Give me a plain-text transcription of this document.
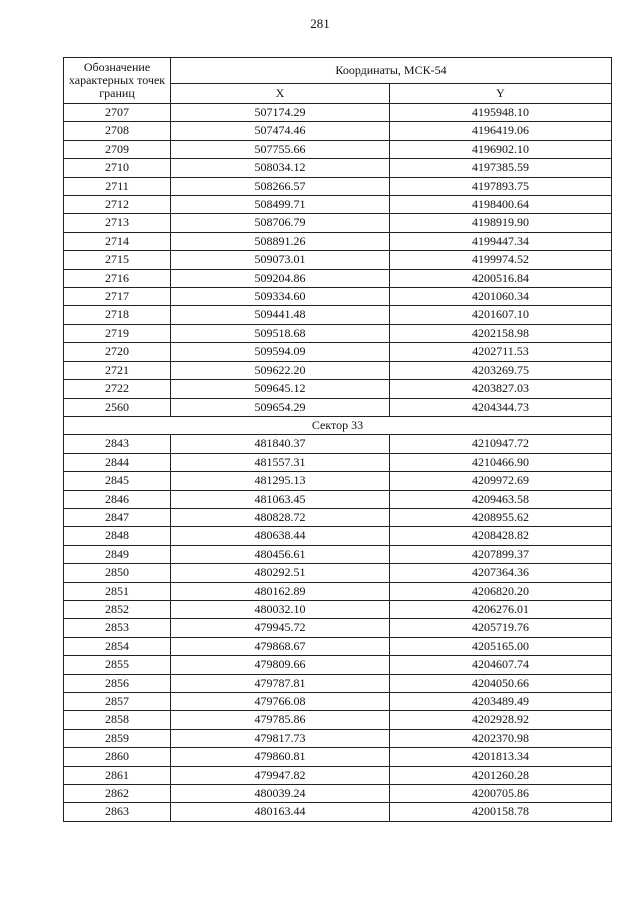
281
Обозначение характерных точек границ	Координаты, МСК-54	
	X	Y
2707	507174.29	4195948.10
2708	507474.46	4196419.06
2709	507755.66	4196902.10
2710	508034.12	4197385.59
2711	508266.57	4197893.75
2712	508499.71	4198400.64
2713	508706.79	4198919.90
2714	508891.26	4199447.34
2715	509073.01	4199974.52
2716	509204.86	4200516.84
2717	509334.60	4201060.34
2718	509441.48	4201607.10
2719	509518.68	4202158.98
2720	509594.09	4202711.53
2721	509622.20	4203269.75
2722	509645.12	4203827.03
2560	509654.29	4204344.73
Сектор 33		
2843	481840.37	4210947.72
2844	481557.31	4210466.90
2845	481295.13	4209972.69
2846	481063.45	4209463.58
2847	480828.72	4208955.62
2848	480638.44	4208428.82
2849	480456.61	4207899.37
2850	480292.51	4207364.36
2851	480162.89	4206820.20
2852	480032.10	4206276.01
2853	479945.72	4205719.76
2854	479868.67	4205165.00
2855	479809.66	4204607.74
2856	479787.81	4204050.66
2857	479766.08	4203489.49
2858	479785.86	4202928.92
2859	479817.73	4202370.98
2860	479860.81	4201813.34
2861	479947.82	4201260.28
2862	480039.24	4200705.86
2863	480163.44	4200158.78
